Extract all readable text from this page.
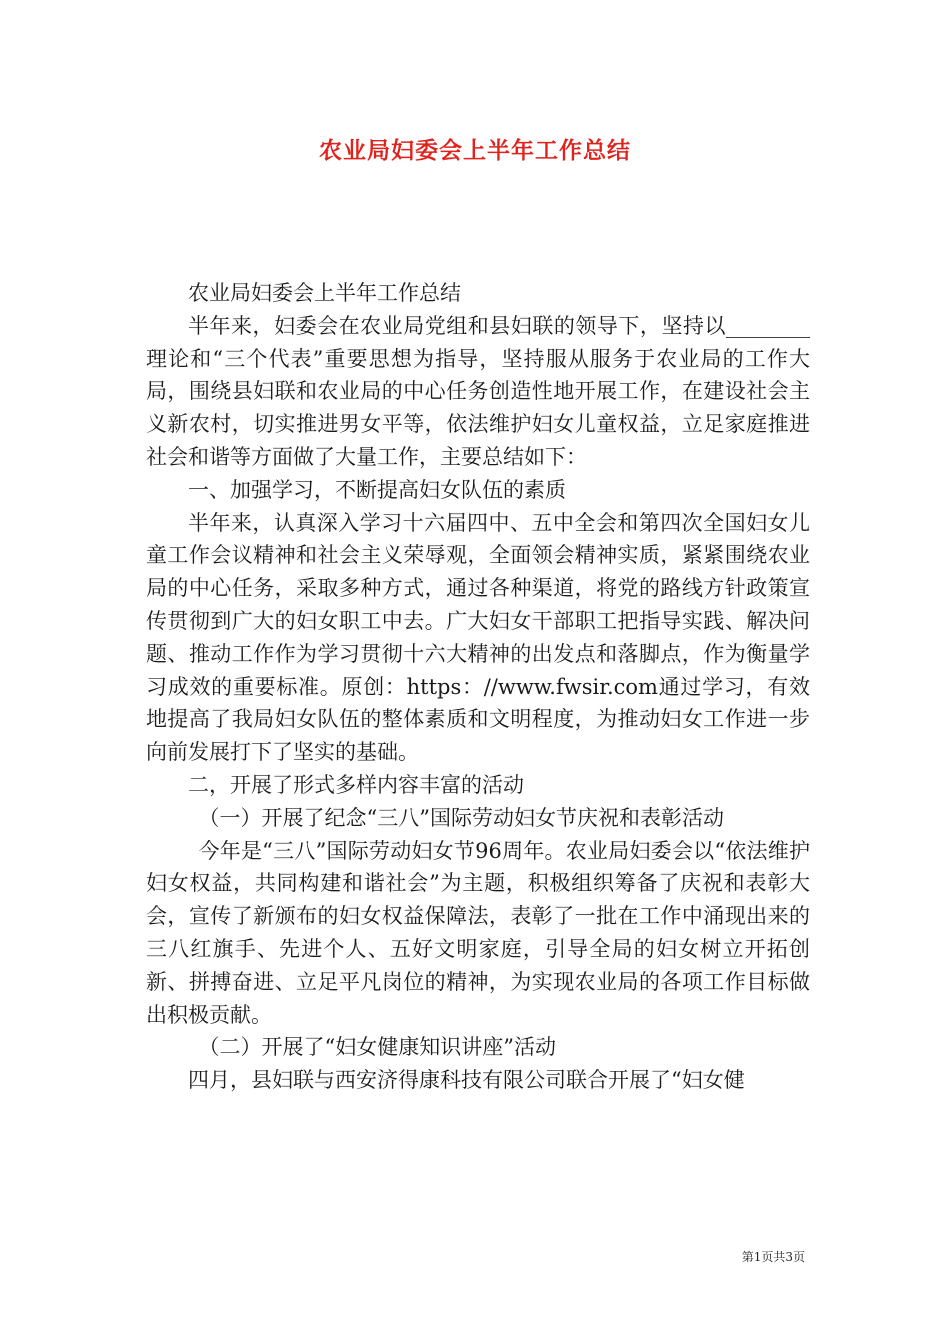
农业局妇委会上半年工作总结

农业局妇委会上半年工作总结

半年来，妇委会在农业局党组和县妇联的领导下，坚持以________理论和“三个代表”重要思想为指导，坚持服从服务于农业局的工作大局，围绕县妇联和农业局的中心任务创造性地开展工作，在建设社会主义新农村，切实推进男女平等，依法维护妇女儿童权益，立足家庭推进社会和谐等方面做了大量工作，主要总结如下：

一、加强学习，不断提高妇女队伍的素质

半年来，认真深入学习十六届四中、五中全会和第四次全国妇女儿童工作会议精神和社会主义荣辱观，全面领会精神实质，紧紧围绕农业局的中心任务，采取多种方式，通过各种渠道，将党的路线方针政策宣传贯彻到广大的妇女职工中去。广大妇女干部职工把指导实践、解决问题、推动工作作为学习贯彻十六大精神的出发点和落脚点，作为衡量学习成效的重要标准。原创：https：//www.fwsir.com通过学习，有效地提高了我局妇女队伍的整体素质和文明程度，为推动妇女工作进一步向前发展打下了坚实的基础。

二，开展了形式多样内容丰富的活动

（一）开展了纪念“三八”国际劳动妇女节庆祝和表彰活动

今年是“三八”国际劳动妇女节96周年。农业局妇委会以“依法维护妇女权益，共同构建和谐社会”为主题，积极组织筹备了庆祝和表彰大会，宣传了新颁布的妇女权益保障法，表彰了一批在工作中涌现出来的三八红旗手、先进个人、五好文明家庭，引导全局的妇女树立开拓创新、拼搏奋进、立足平凡岗位的精神，为实现农业局的各项工作目标做出积极贡献。

（二）开展了“妇女健康知识讲座”活动

四月，县妇联与西安济得康科技有限公司联合开展了“妇女健

第1页共3页
